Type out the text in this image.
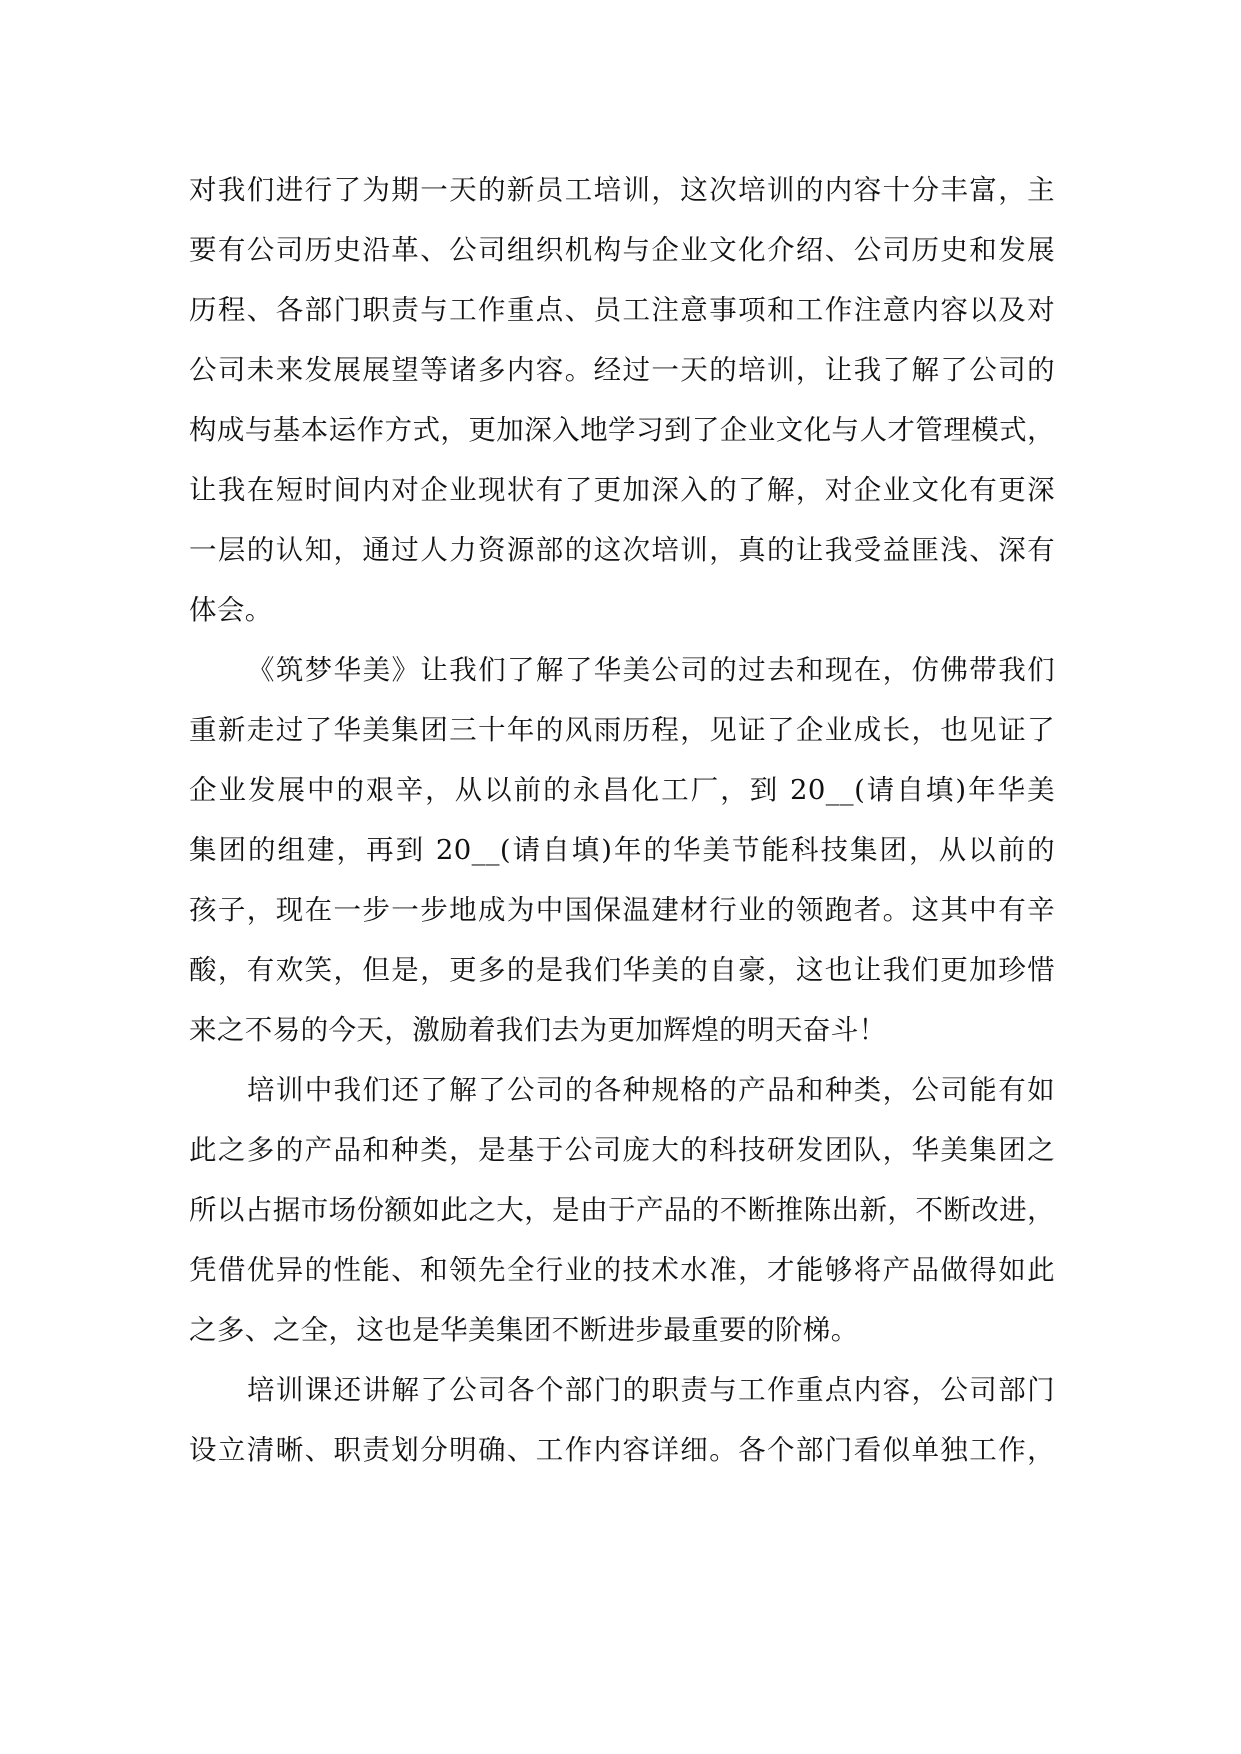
对我们进行了为期一天的新员工培训，这次培训的内容十分丰富，主
要有公司历史沿革、公司组织机构与企业文化介绍、公司历史和发展
历程、各部门职责与工作重点、员工注意事项和工作注意内容以及对
公司未来发展展望等诸多内容。经过一天的培训，让我了解了公司的
构成与基本运作方式，更加深入地学习到了企业文化与人才管理模式，
让我在短时间内对企业现状有了更加深入的了解，对企业文化有更深
一层的认知，通过人力资源部的这次培训，真的让我受益匪浅、深有
体会。
《筑梦华美》让我们了解了华美公司的过去和现在，仿佛带我们
重新走过了华美集团三十年的风雨历程，见证了企业成长，也见证了
企业发展中的艰辛，从以前的永昌化工厂，到 20__(请自填)年华美
集团的组建，再到 20__(请自填)年的华美节能科技集团，从以前的
孩子，现在一步一步地成为中国保温建材行业的领跑者。这其中有辛
酸，有欢笑，但是，更多的是我们华美的自豪，这也让我们更加珍惜
来之不易的今天，激励着我们去为更加辉煌的明天奋斗！
培训中我们还了解了公司的各种规格的产品和种类，公司能有如
此之多的产品和种类，是基于公司庞大的科技研发团队，华美集团之
所以占据市场份额如此之大，是由于产品的不断推陈出新，不断改进，
凭借优异的性能、和领先全行业的技术水准，才能够将产品做得如此
之多、之全，这也是华美集团不断进步最重要的阶梯。
培训课还讲解了公司各个部门的职责与工作重点内容，公司部门
设立清晰、职责划分明确、工作内容详细。各个部门看似单独工作，
